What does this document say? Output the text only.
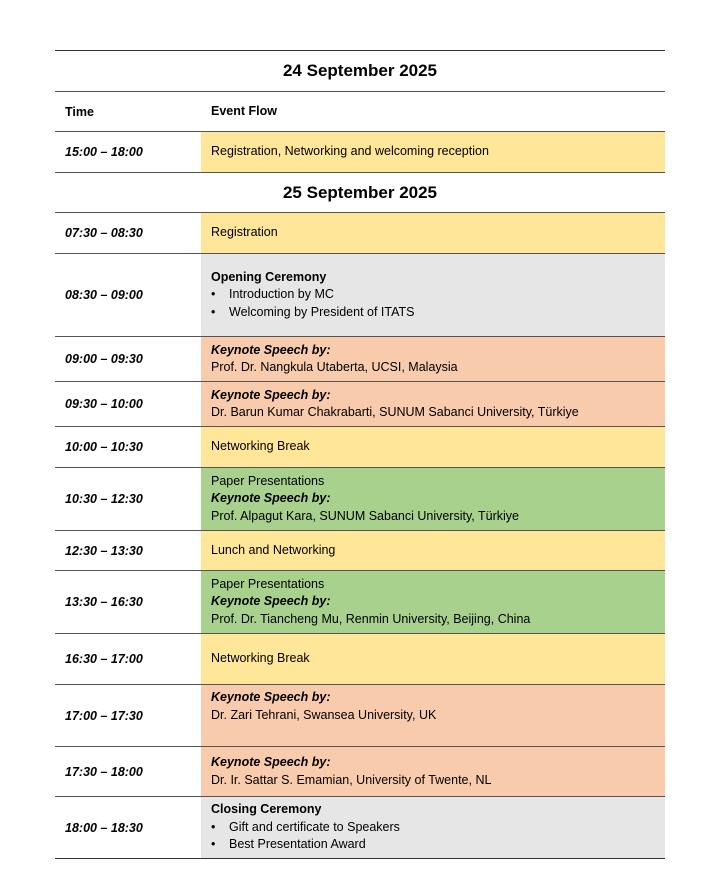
24 September 2025
Time	Event Flow
15:00 – 18:00	Registration, Networking and welcoming reception
25 September 2025
07:30 – 08:30	Registration
08:30 – 09:00
Opening Ceremony
•	Introduction by MC
•	Welcoming by President of ITATS
09:00 – 09:30
Keynote Speech by:
Prof. Dr. Nangkula Utaberta, UCSI, Malaysia
09:30 – 10:00
Keynote Speech by:
Dr. Barun Kumar Chakrabarti, SUNUM Sabanci University, Türkiye
10:00 – 10:30	Networking Break
10:30 – 12:30
Paper Presentations
Keynote Speech by:
Prof. Alpagut Kara, SUNUM Sabanci University, Türkiye
12:30 – 13:30	Lunch and Networking
13:30 – 16:30
Paper Presentations
Keynote Speech by:
Prof. Dr. Tiancheng Mu, Renmin University, Beijing, China
16:30 – 17:00	Networking Break
17:00 – 17:30
Keynote Speech by:
Dr. Zari Tehrani, Swansea University, UK
17:30 – 18:00
Keynote Speech by:
Dr. Ir. Sattar S. Emamian, University of Twente, NL
18:00 – 18:30
Closing Ceremony
•	Gift and certificate to Speakers
•	Best Presentation Award
